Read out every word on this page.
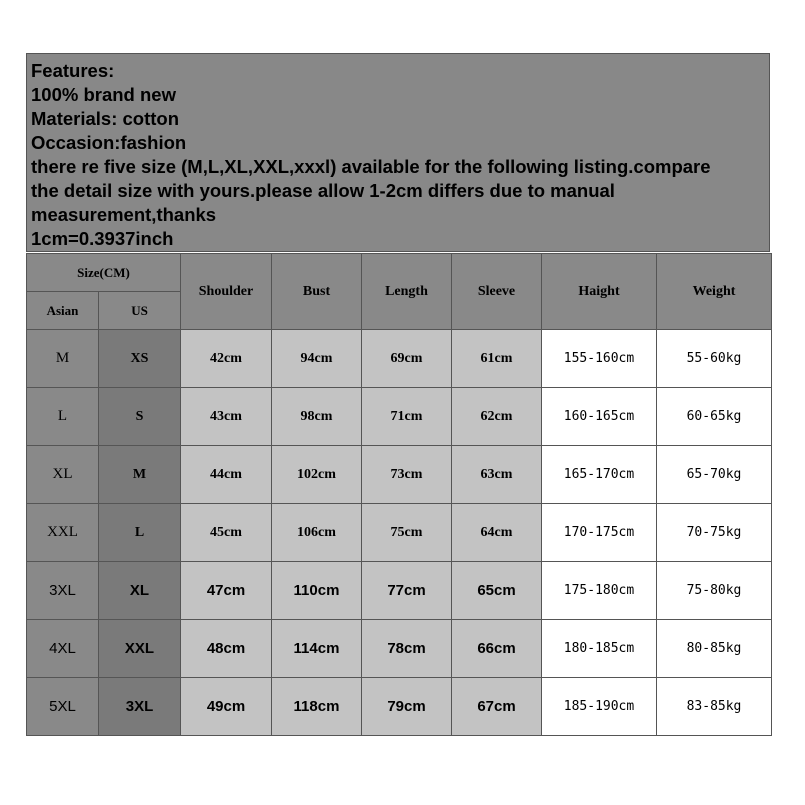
Features:
100% brand new
Materials: cotton
Occasion:fashion
there re five size (M,L,XL,XXL,xxxl) available for the following listing.compare
the detail size with yours.please allow 1-2cm differs due to manual
measurement,thanks
1cm=0.3937inch
Size(CM)		Shoulder	Bust	Length	Sleeve	Haight	Weight
Asian	US						
M	XS	42cm	94cm	69cm	61cm	155-160cm	55-60kg
L	S	43cm	98cm	71cm	62cm	160-165cm	60-65kg
XL	M	44cm	102cm	73cm	63cm	165-170cm	65-70kg
XXL	L	45cm	106cm	75cm	64cm	170-175cm	70-75kg
3XL	XL	47cm	110cm	77cm	65cm	175-180cm	75-80kg
4XL	XXL	48cm	114cm	78cm	66cm	180-185cm	80-85kg
5XL	3XL	49cm	118cm	79cm	67cm	185-190cm	83-85kg
